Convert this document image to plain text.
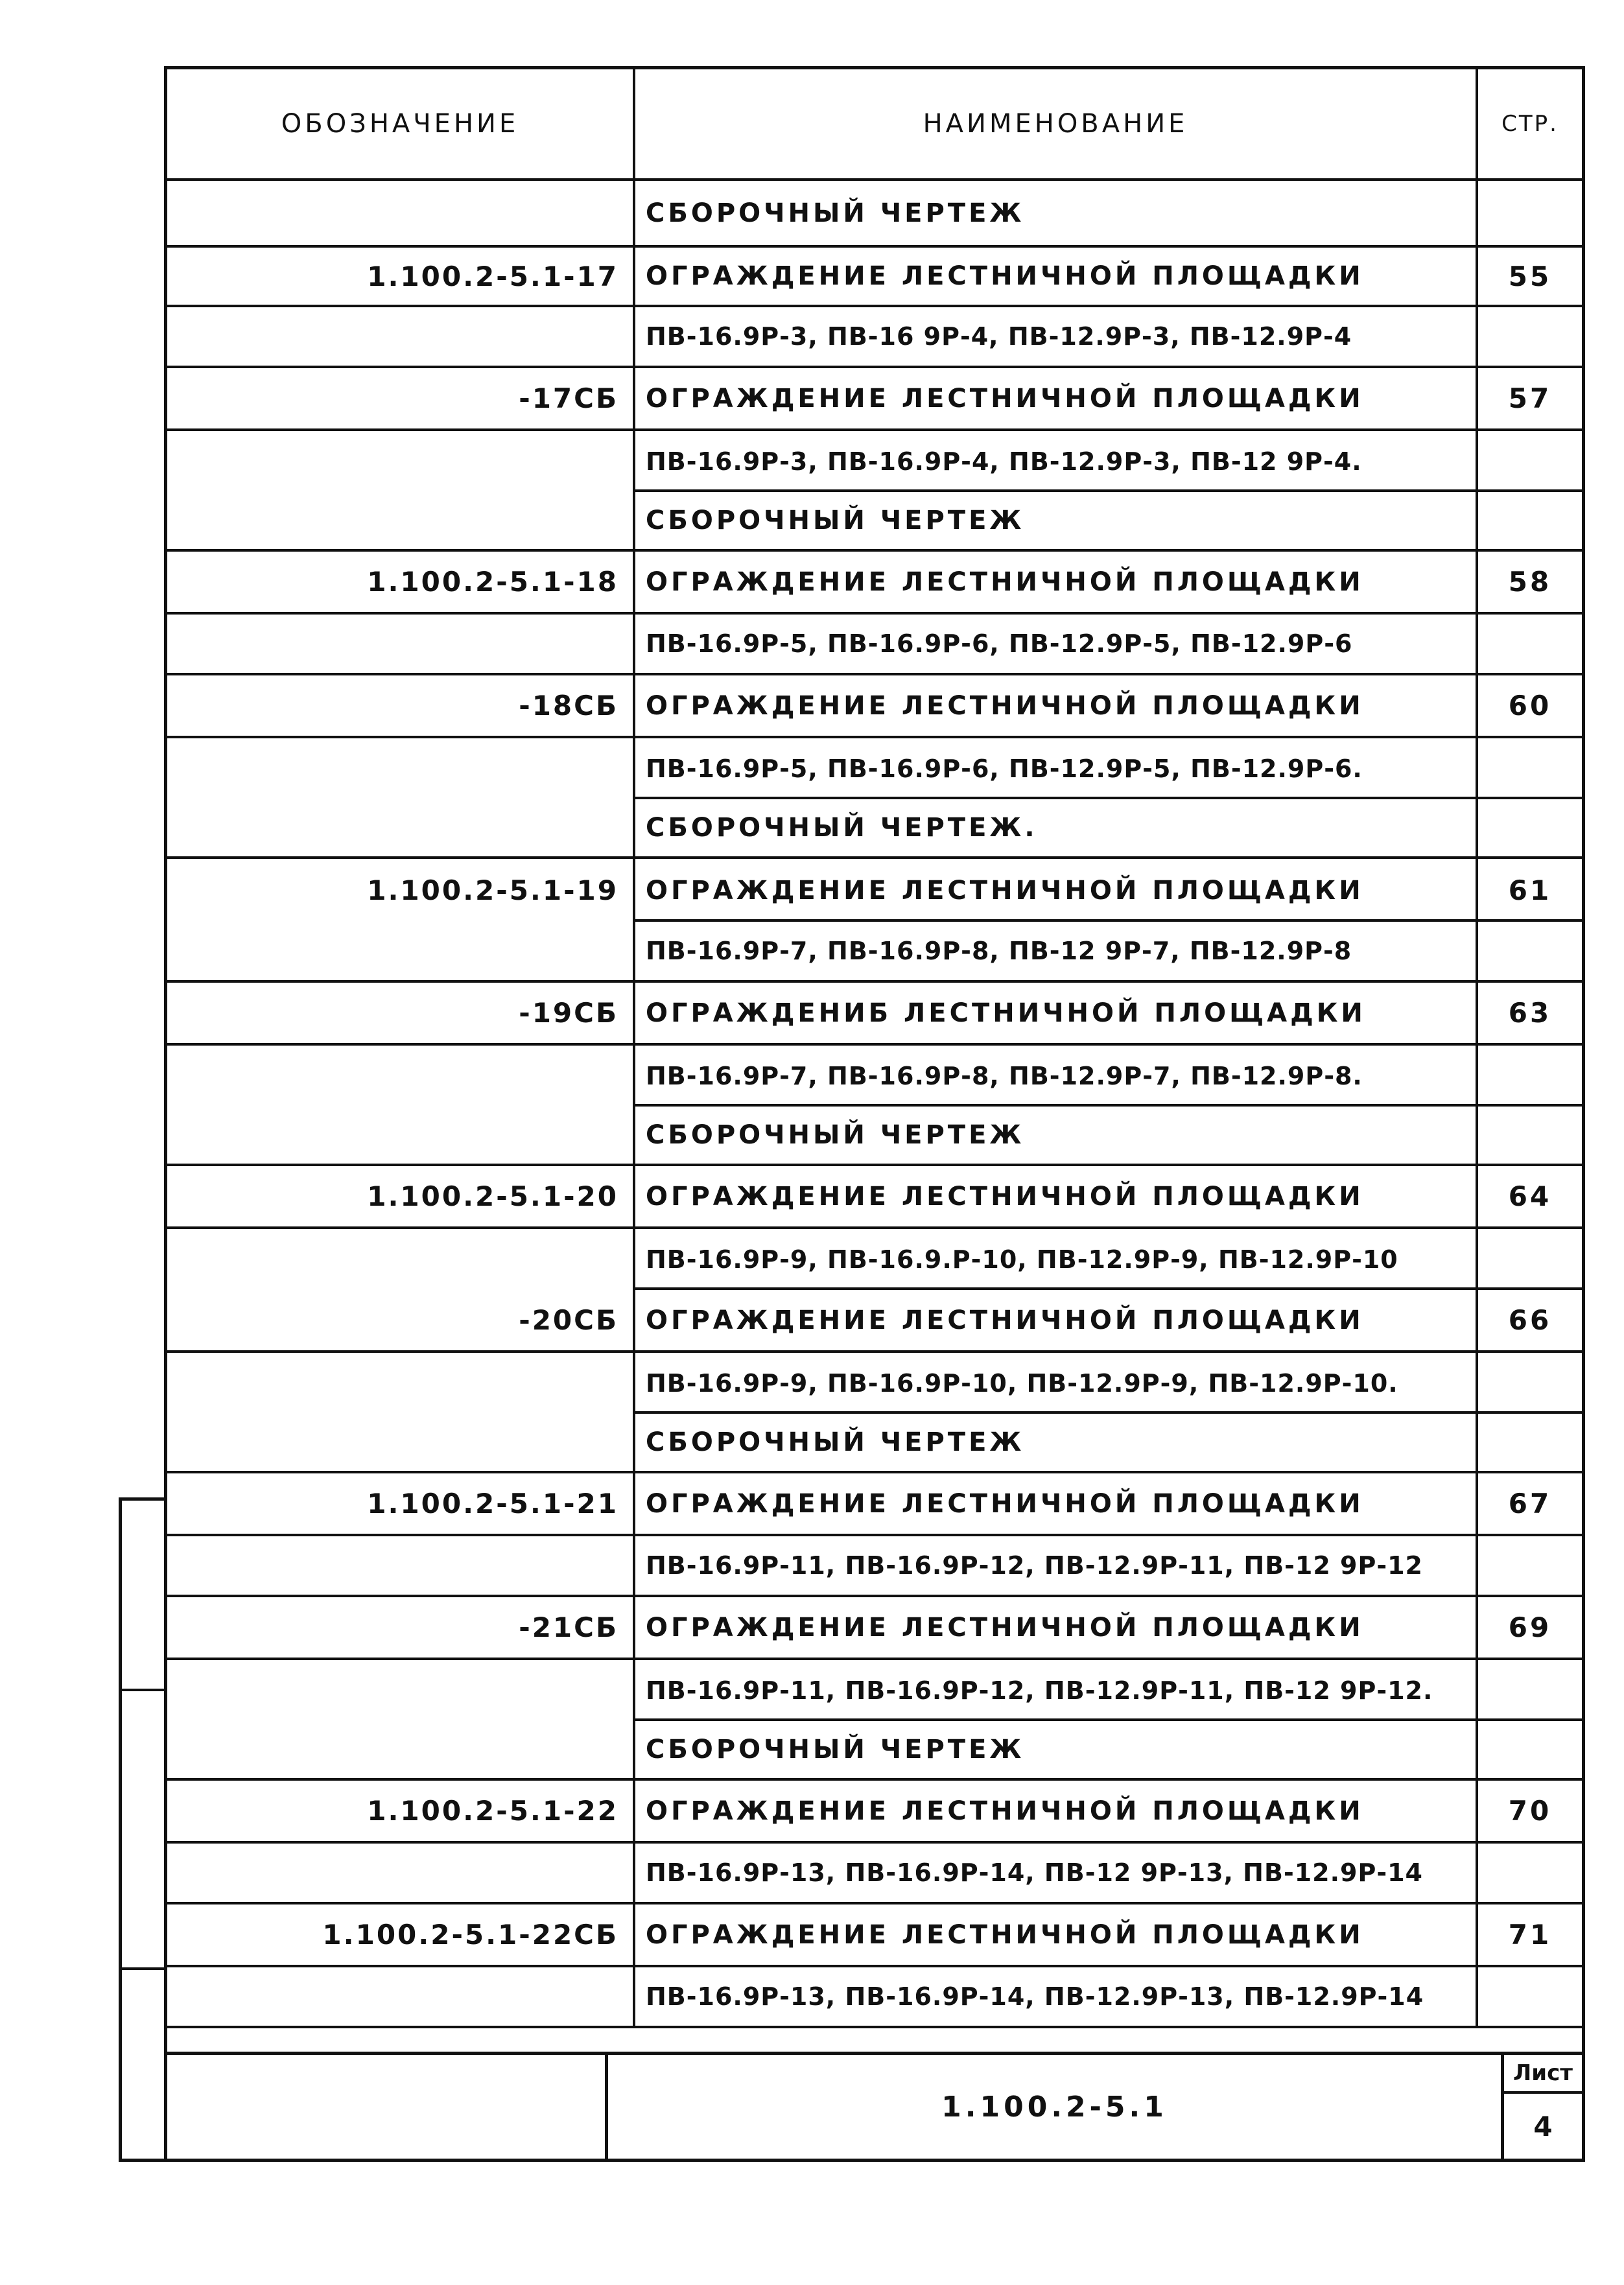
ОБОЗНАЧЕНИЕ	НАИМЕНОВАНИЕ	СТР.
СБОРОЧНЫЙ ЧЕРТЕЖ
1.100.2-5.1-17	ОГРАЖДЕНИЕ ЛЕСТНИЧНОЙ ПЛОЩАДКИ	55
ПВ-16.9Р-3, ПВ-16 9Р-4, ПВ-12.9Р-3, ПВ-12.9Р-4
-17СБ	ОГРАЖДЕНИЕ ЛЕСТНИЧНОЙ ПЛОЩАДКИ	57
ПВ-16.9Р-3, ПВ-16.9Р-4, ПВ-12.9Р-3, ПВ-12 9Р-4.
СБОРОЧНЫЙ ЧЕРТЕЖ
1.100.2-5.1-18	ОГРАЖДЕНИЕ ЛЕСТНИЧНОЙ ПЛОЩАДКИ	58
ПВ-16.9Р-5, ПВ-16.9Р-6, ПВ-12.9Р-5, ПВ-12.9Р-6
-18СБ	ОГРАЖДЕНИЕ ЛЕСТНИЧНОЙ ПЛОЩАДКИ	60
ПВ-16.9Р-5, ПВ-16.9Р-6, ПВ-12.9Р-5, ПВ-12.9Р-6.
СБОРОЧНЫЙ ЧЕРТЕЖ.
1.100.2-5.1-19	ОГРАЖДЕНИЕ ЛЕСТНИЧНОЙ ПЛОЩАДКИ	61
ПВ-16.9Р-7, ПВ-16.9Р-8, ПВ-12 9Р-7, ПВ-12.9Р-8
-19СБ	ОГРАЖДЕНИБ ЛЕСТНИЧНОЙ ПЛОЩАДКИ	63
ПВ-16.9Р-7, ПВ-16.9Р-8, ПВ-12.9Р-7, ПВ-12.9Р-8.
СБОРОЧНЫЙ ЧЕРТЕЖ
1.100.2-5.1-20	ОГРАЖДЕНИЕ ЛЕСТНИЧНОЙ ПЛОЩАДКИ	64
ПВ-16.9Р-9, ПВ-16.9.Р-10, ПВ-12.9Р-9, ПВ-12.9Р-10
-20СБ	ОГРАЖДЕНИЕ ЛЕСТНИЧНОЙ ПЛОЩАДКИ	66
ПВ-16.9Р-9, ПВ-16.9Р-10, ПВ-12.9Р-9, ПВ-12.9Р-10.
СБОРОЧНЫЙ ЧЕРТЕЖ
1.100.2-5.1-21	ОГРАЖДЕНИЕ ЛЕСТНИЧНОЙ ПЛОЩАДКИ	67
ПВ-16.9Р-11, ПВ-16.9Р-12, ПВ-12.9Р-11, ПВ-12 9Р-12
-21СБ	ОГРАЖДЕНИЕ ЛЕСТНИЧНОЙ ПЛОЩАДКИ	69
ПВ-16.9Р-11, ПВ-16.9Р-12, ПВ-12.9Р-11, ПВ-12 9Р-12.
СБОРОЧНЫЙ ЧЕРТЕЖ
1.100.2-5.1-22	ОГРАЖДЕНИЕ ЛЕСТНИЧНОЙ ПЛОЩАДКИ	70
ПВ-16.9Р-13, ПВ-16.9Р-14, ПВ-12 9Р-13, ПВ-12.9Р-14
1.100.2-5.1-22СБ	ОГРАЖДЕНИЕ ЛЕСТНИЧНОЙ ПЛОЩАДКИ	71
ПВ-16.9Р-13, ПВ-16.9Р-14, ПВ-12.9Р-13, ПВ-12.9Р-14
1.100.2-5.1
Лист
4
